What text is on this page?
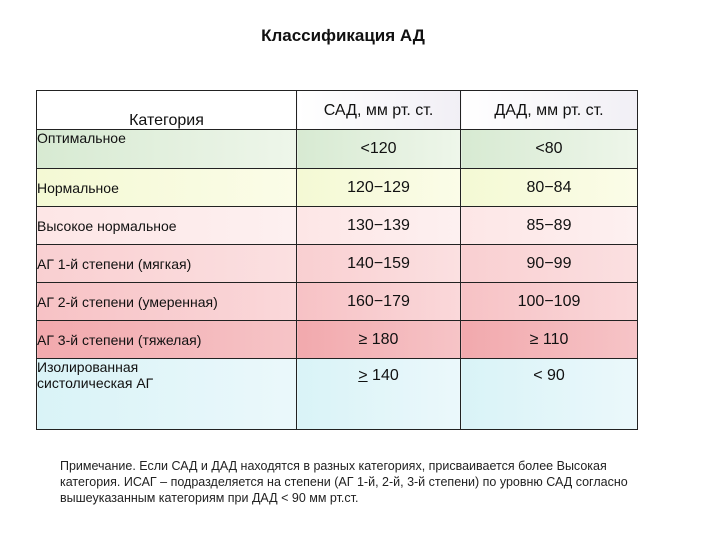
Классификация АД
Категория	САД, мм рт. ст.	ДАД, мм рт. ст.
Оптимальное	<120	<80
Нормальное	120−129	80−84
Высокое нормальное	130−139	85−89
АГ 1-й степени (мягкая)	140−159	90−99
АГ 2-й степени (умеренная)	160−179	100−109
АГ 3-й степени (тяжелая)	≥ 180	≥ 110

Изолированная
систолическая АГ	≥ 140	< 90
Примечание. Если САД и ДАД находятся в разных категориях, присваивается более Высокая категория. ИСАГ – подразделяется на степени (АГ 1-й, 2-й, 3-й степени) по уровню САД согласно вышеуказанным категориям при ДАД < 90 мм рт.ст.
